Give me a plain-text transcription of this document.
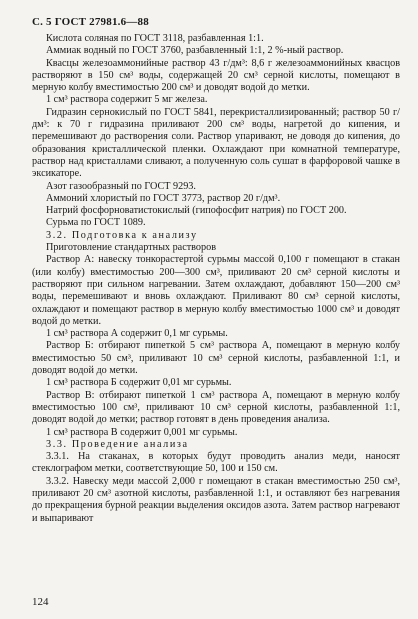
С. 5 ГОСТ 27981.6—88

Кислота соляная по ГОСТ 3118, разбавленная 1:1.

Аммиак водный по ГОСТ 3760, разбавленный 1:1, 2 %-ный раствор.

Квасцы железоаммонийные раствор 43 г/дм³: 8,6 г железоаммонийных квасцов растворяют в 150 см³ воды, содержащей 20 см³ серной кислоты, помещают в мерную колбу вместимостью 200 см³ и доводят водой до метки.

1 см³ раствора содержит 5 мг железа.

Гидразин сернокислый по ГОСТ 5841, перекристаллизированный; раствор 50 г/дм³: к 70 г гидразина приливают 200 см³ воды, нагретой до кипения, и перемешивают до растворения соли. Раствор упаривают, не доводя до кипения, до образования кристаллической пленки. Охлаждают при комнатной температуре, раствор над кристаллами сливают, а полученную соль сушат в фарфоровой чашке в эксикаторе.

Азот газообразный по ГОСТ 9293.

Аммоний хлористый по ГОСТ 3773, раствор 20 г/дм³.

Натрий фосфорноватистокислый (гипофосфит натрия) по ГОСТ 200.

Сурьма по ГОСТ 1089.

3.2. Подготовка к анализу

Приготовление стандартных растворов

Раствор А: навеску тонкорастертой сурьмы массой 0,100 г помещают в стакан (или колбу) вместимостью 200—300 см³, приливают 20 см³ серной кислоты и растворяют при сильном нагревании. Затем охлаждают, добавляют 150—200 см³ воды, перемешивают и вновь охлаждают. Приливают 80 см³ серной кислоты, охлаждают и помещают раствор в мерную колбу вместимостью 1000 см³ и доводят водой до метки.

1 см³ раствора А содержит 0,1 мг сурьмы.

Раствор Б: отбирают пипеткой 5 см³ раствора А, помещают в мерную колбу вместимостью 50 см³, приливают 10 см³ серной кислоты, разбавленной 1:1, и доводят водой до метки.

1 см³ раствора Б содержит 0,01 мг сурьмы.

Раствор В: отбирают пипеткой 1 см³ раствора А, помещают в мерную колбу вместимостью 100 см³, приливают 10 см³ серной кислоты, разбавленной 1:1, доводят водой до метки; раствор готовят в день проведения анализа.

1 см³ раствора В содержит 0,001 мг сурьмы.

3.3. Проведение анализа

3.3.1. На стаканах, в которых будут проводить анализ меди, наносят стеклографом метки, соответствующие 50, 100 и 150 см.

3.3.2. Навеску меди массой 2,000 г помещают в стакан вместимостью 250 см³, приливают 20 см³ азотной кислоты, разбавленной 1:1, и оставляют без нагревания до прекращения бурной реакции выделения оксидов азота. Затем раствор нагревают и выпаривают

124
